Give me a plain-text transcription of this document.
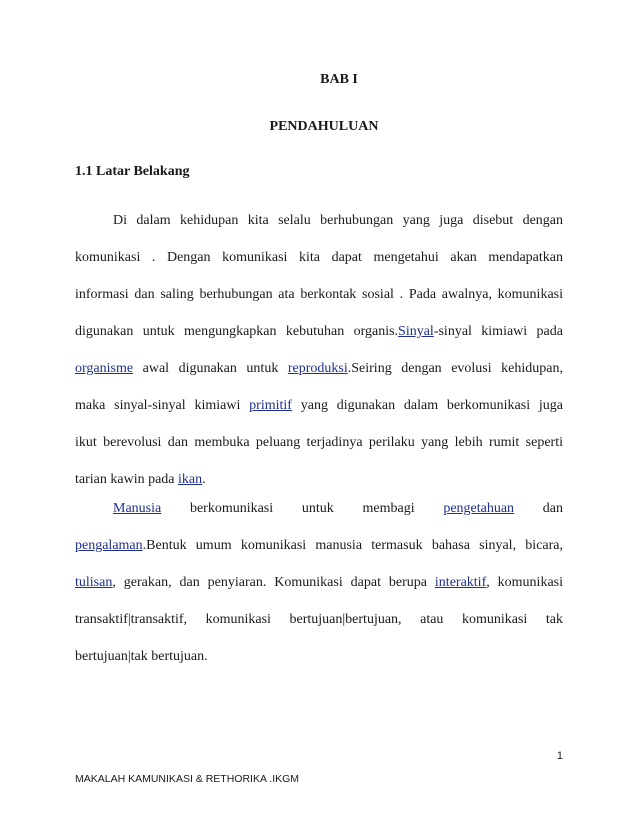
BAB I
PENDAHULUAN
1.1 Latar Belakang
Di dalam kehidupan kita selalu berhubungan yang juga disebut dengan
komunikasi . Dengan komunikasi kita dapat mengetahui akan mendapatkan
informasi dan saling berhubungan ata berkontak sosial . Pada awalnya, komunikasi
digunakan untuk mengungkapkan kebutuhan organis.Sinyal-sinyal kimiawi pada
organisme awal digunakan untuk reproduksi.Seiring dengan evolusi kehidupan,
maka sinyal-sinyal kimiawi primitif yang digunakan dalam berkomunikasi juga
ikut berevolusi dan membuka peluang terjadinya perilaku yang lebih rumit seperti
tarian kawin pada ikan.
Manusia berkomunikasi untuk membagi pengetahuan dan
pengalaman.Bentuk umum komunikasi manusia termasuk bahasa sinyal, bicara,
tulisan, gerakan, dan penyiaran. Komunikasi dapat berupa interaktif, komunikasi
transaktif|transaktif, komunikasi bertujuan|bertujuan, atau komunikasi tak
bertujuan|tak bertujuan.
1
MAKALAH KAMUNIKASI & RETHORIKA .IKGM
